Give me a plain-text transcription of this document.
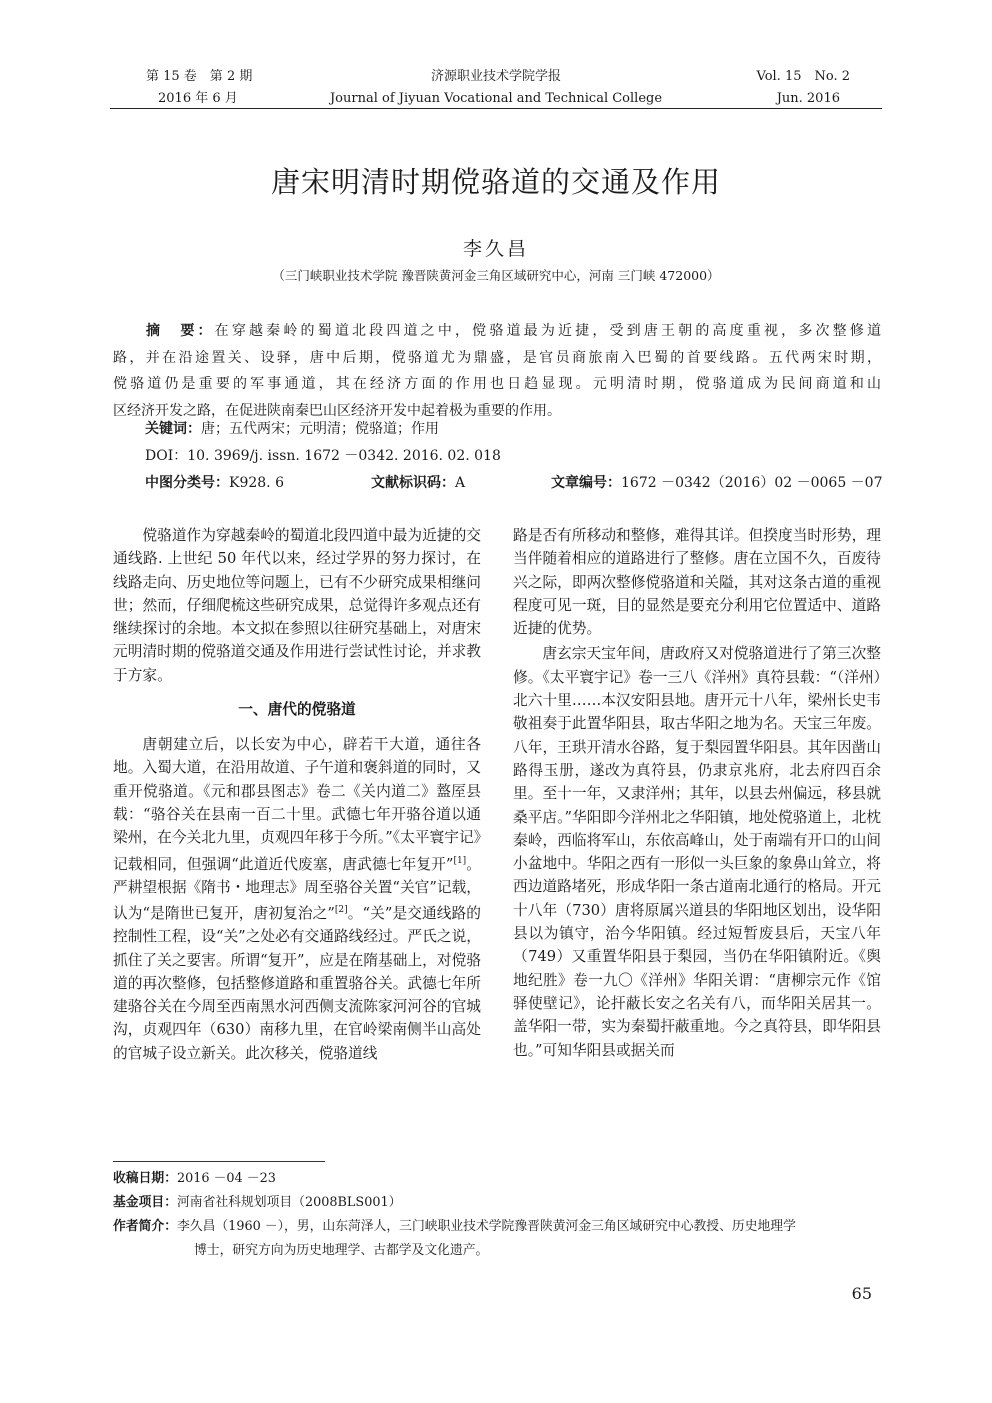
第 15 卷　第 2 期	济源职业技术学院学报	Vol. 15　No. 2
2016 年 6 月	Journal of Jiyuan Vocational and Technical College	Jun. 2016
唐宋明清时期傥骆道的交通及作用
李久昌
（三门峡职业技术学院 豫晋陕黄河金三角区域研究中心，河南 三门峡 472000）

摘　要：在穿越秦岭的蜀道北段四道之中，傥骆道最为近捷，受到唐王朝的高度重视，多次整修道

路，并在沿途置关、设驿，唐中后期，傥骆道尤为鼎盛，是官员商旅南入巴蜀的首要线路。五代两宋时期，

傥骆道仍是重要的军事通道，其在经济方面的作用也日趋显现。元明清时期，傥骆道成为民间商道和山

区经济开发之路，在促进陕南秦巴山区经济开发中起着极为重要的作用。

关键词：唐；五代两宋；元明清；傥骆道；作用
DOI：10. 3969/j. issn. 1672 －0342. 2016. 02. 018
中图分类号：K928. 6	文献标识码：A	文章编号：1672 －0342（2016）02 －0065 －07

傥骆道作为穿越秦岭的蜀道北段四道中最为近捷的交通线路. 上世纪 50 年代以来，经过学界的努力探讨，在线路走向、历史地位等问题上，已有不少研究成果相继问世；然而，仔细爬梳这些研究成果，总觉得许多观点还有继续探讨的余地。本文拟在参照以往研究基础上，对唐宋元明清时期的傥骆道交通及作用进行尝试性讨论，并求教于方家。

一、唐代的傥骆道

唐朝建立后，以长安为中心，辟若干大道，通往各地。入蜀大道，在沿用故道、子午道和褒斜道的同时，又重开傥骆道。《元和郡县图志》卷二《关内道二》盩厔县载：“骆谷关在县南一百二十里。武德七年开骆谷道以通梁州，在今关北九里，贞观四年移于今所。”《太平寰宇记》记载相同，但强调“此道近代废塞，唐武德七年复开”[1]。严耕望根据《隋书・地理志》周至骆谷关置“关官”记载，认为“是隋世已复开，唐初复治之”[2]。“关”是交通线路的控制性工程，设“关”之处必有交通路线经过。严氏之说，抓住了关之要害。所谓“复开”，应是在隋基础上，对傥骆道的再次整修，包括整修道路和重置骆谷关。武德七年所建骆谷关在今周至西南黑水河西侧支流陈家河河谷的官城沟，贞观四年（630）南移九里，在官岭梁南侧半山高处的官城子设立新关。此次移关，傥骆道线

路是否有所移动和整修，难得其详。但揆度当时形势，理当伴随着相应的道路进行了整修。唐在立国不久，百废待兴之际，即两次整修傥骆道和关隘，其对这条古道的重视程度可见一斑，目的显然是要充分利用它位置适中、道路近捷的优势。

唐玄宗天宝年间，唐政府又对傥骆道进行了第三次整修。《太平寰宇记》卷一三八《洋州》真符县载：“（洋州）北六十里……本汉安阳县地。唐开元十八年，梁州长史韦敬祖奏于此置华阳县，取古华阳之地为名。天宝三年废。八年，王珙开清水谷路，复于梨园置华阳县。其年因凿山路得玉册，遂改为真符县，仍隶京兆府，北去府四百余里。至十一年，又隶洋州；其年，以县去州偏远，移县就桑平店。”华阳即今洋州北之华阳镇，地处傥骆道上，北枕秦岭，西临将军山，东依高峰山，处于南端有开口的山间小盆地中。华阳之西有一形似一头巨象的象鼻山耸立，将西边道路堵死，形成华阳一条古道南北通行的格局。开元十八年（730）唐将原属兴道县的华阳地区划出，设华阳县以为镇守，治今华阳镇。经过短暂废县后，天宝八年（749）又重置华阳县于梨园，当仍在华阳镇附近。《舆地纪胜》卷一九〇《洋州》华阳关谓：“唐柳宗元作《馆驿使壁记》，论扞蔽长安之名关有八，而华阳关居其一。盖华阳一带，实为秦蜀扞蔽重地。今之真符县，即华阳县也。”可知华阳县或据关而

收稿日期：2016 －04 －23
基金项目：河南省社科规划项目（2008BLS001）
作者简介：李久昌（1960 －），男，山东菏泽人，三门峡职业技术学院豫晋陕黄河金三角区域研究中心教授、历史地理学
博士，研究方向为历史地理学、古都学及文化遗产。
65
